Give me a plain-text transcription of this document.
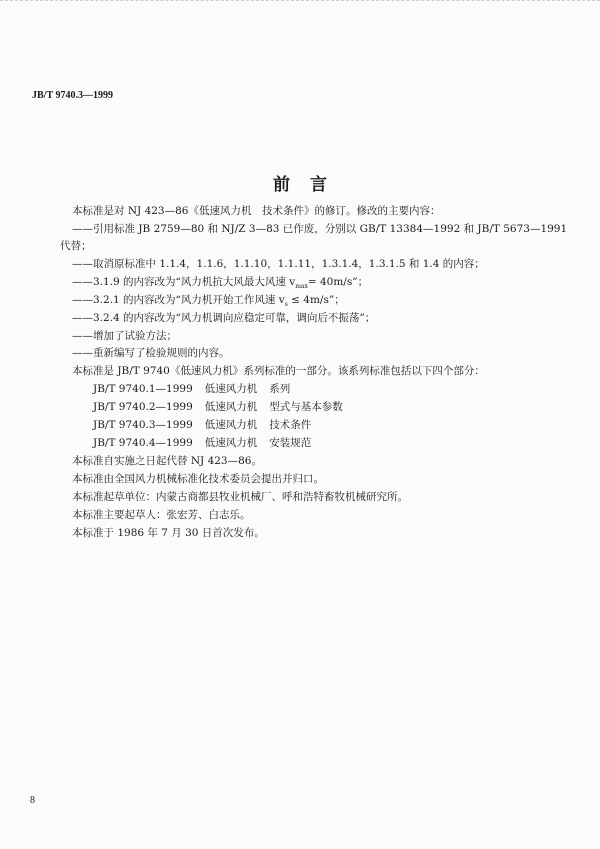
JB/T 9740.3—1999
前言
本标准是对 NJ 423—86《低速风力机　技术条件》的修订。修改的主要内容：
——引用标准 JB 2759—80 和 NJ/Z 3—83 已作废，分别以 GB/T 13384—1992 和 JB/T 5673—1991
代替；
——取消原标准中 1.1.4，1.1.6，1.1.10，1.1.11，1.3.1.4，1.3.1.5 和 1.4 的内容；
——3.1.9 的内容改为“风力机抗大风最大风速 $v_{max}= 40m/s$”；
——3.2.1 的内容改为“风力机开始工作风速 $v_s \le 4m/s$”；
——3.2.4 的内容改为“风力机调向应稳定可靠，调向后不振荡”；
——增加了试验方法；
——重新编写了检验规则的内容。
本标准是 JB/T 9740《低速风力机》系列标准的一部分。该系列标准包括以下四个部分：
JB/T 9740.1—1999 低速风力机 系列
JB/T 9740.2—1999 低速风力机 型式与基本参数
JB/T 9740.3—1999 低速风力机 技术条件
JB/T 9740.4—1999 低速风力机 安装规范
本标准自实施之日起代替 NJ 423—86。
本标准由全国风力机械标准化技术委员会提出并归口。
本标准起草单位：内蒙古商都县牧业机械厂、呼和浩特畜牧机械研究所。
本标准主要起草人：张宏芳、白志乐。
本标准于 1986 年 7 月 30 日首次发布。
8
